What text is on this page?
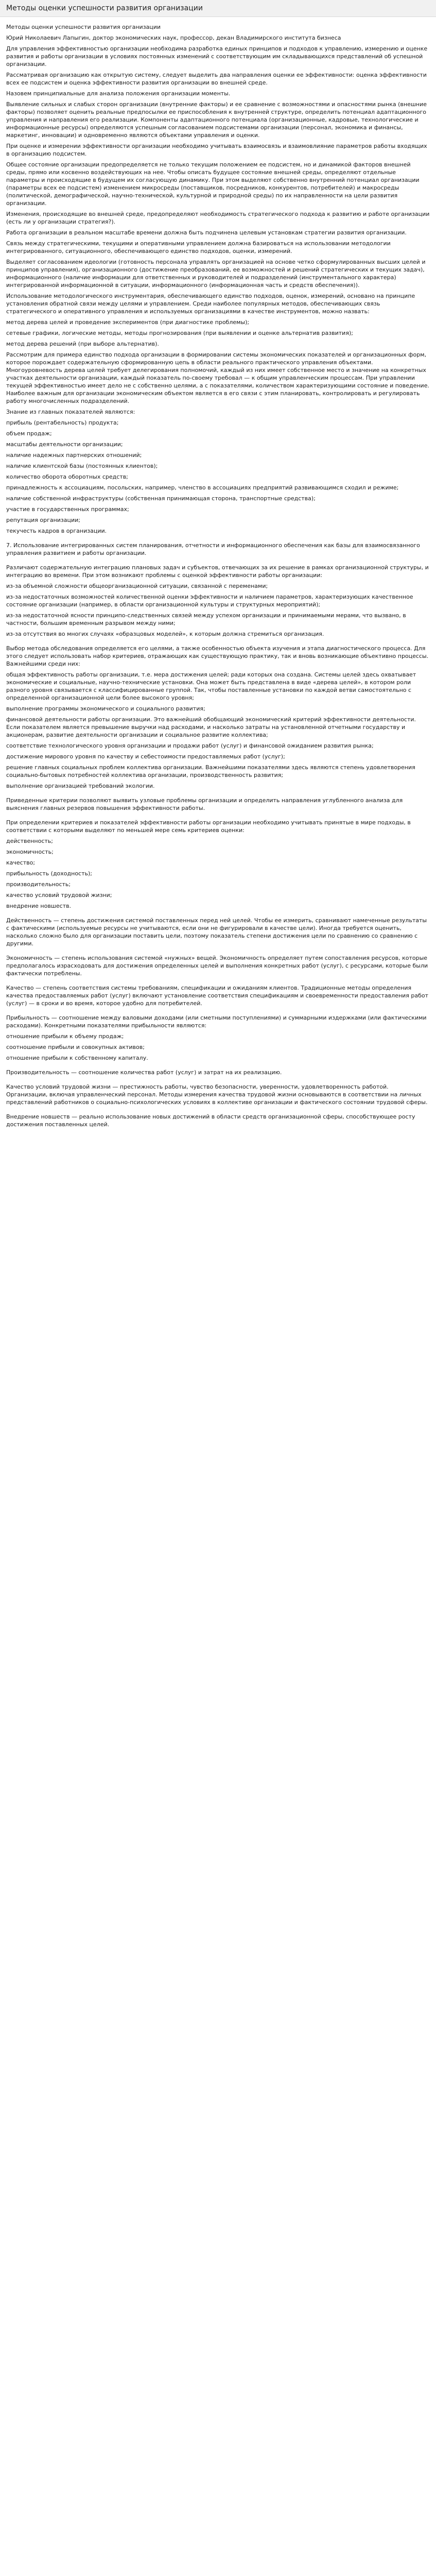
Методы оценки успешности развития организации

Методы оценки успешности развития организации

Юрий Николаевич Лапыгин, доктор экономических наук, профессор, декан Владимирского института бизнеса

Для управления эффективностью организации необходима разработка единых принципов и подходов к управлению, измерению и оценке развития и работы организации в условиях постоянных изменений с соответствующим им складывающихся представлений об успешной организации.

Рассматривая организацию как открытую систему, следует выделить два направления оценки ее эффективности: оценка эффективности всех ее подсистем и оценка эффективности развития организации во внешней среде.

Назовем принципиальные для анализа положения организации моменты.

Выявление сильных и слабых сторон организации (внутренние факторы) и ее сравнение с возможностями и опасностями рынка (внешние факторы) позволяет оценить реальные предпосылки ее приспособления к внутренней структуре, определить потенциал адаптационного управления и направления его реализации. Компоненты адаптационного потенциала (организационные, кадровые, технологические и информационные ресурсы) определяются успешным согласованием подсистемами организации (персонал, экономика и финансы, маркетинг, инновации) и одновременно являются объектами управления и оценки.

При оценке и измерении эффективности организации необходимо учитывать взаимосвязь и взаимовлияние параметров работы входящих в организацию подсистем.

Общее состояние организации предопределяется не только текущим положением ее подсистем, но и динамикой факторов внешней среды, прямо или косвенно воздействующих на нее. Чтобы описать будущее состояние внешней среды, определяют отдельные параметры и происходящие в будущем их согласующую динамику. При этом выделяют собственно внутренний потенциал организации (параметры всех ее подсистем) изменением микросреды (поставщиков, посредников, конкурентов, потребителей) и макросреды (политической, демографической, научно-технической, культурной и природной среды) по их направленности на цели развития организации.

Изменения, происходящие во внешней среде, предопределяют необходимость стратегического подхода к развитию и работе организации (есть ли у организации стратегия?).

Работа организации в реальном масштабе времени должна быть подчинена целевым установкам стратегии развития организации.

Связь между стратегическими, текущими и оперативными управлением должна базироваться на использовании методологии интегрированного, ситуационного, обеспечивающего единство подходов, оценки, измерений.

Выделяет согласованием идеологии (готовность персонала управлять организацией на основе четко сформулированных высших целей и принципов управления), организационного (достижение преобразований, ее возможностей и решений стратегических и текущих задач), информационного (наличие информации для ответственных и руководителей и подразделений (инструментального характера) интегрированной информационной в ситуации, информационного (информационная часть и средств обеспечения)).

Использование методологического инструментария, обеспечивающего единство подходов, оценок, измерений, основано на принципе установления обратной связи между целями и управлением. Среди наиболее популярных методов, обеспечивающих связь стратегического и оперативного управления и используемых организациями в качестве инструментов, можно назвать:

метод дерева целей и проведение экспериментов (при диагностике проблемы);

сетевые графики, логические методы, методы прогнозирования (при выявлении и оценке альтернатив развития);

метод дерева решений (при выборе альтернатив).

Рассмотрим для примера единство подхода организации в формировании системы экономических показателей и организационных форм, которое порождает содержательную сформированную цепь в области реального практического управления объектами. Многоуровневость дерева целей требует делегирования полномочий, каждый из них имеет собственное место и значение на конкретных участках деятельности организации, каждый показатель по-своему требовал — к общим управленческим процессам. При управлении текущей эффективностью имеет дело не с собственно целями, а с показателями, количеством характеризующими состояние и поведение. Наиболее важным для организации экономическим объектом является в его связи с этим планировать, контролировать и регулировать работу многочисленных подразделений.

Знание из главных показателей являются:

прибыль (рентабельность) продукта;

объем продаж;

масштабы деятельности организации;

наличие надежных партнерских отношений;

наличие клиентской базы (постоянных клиентов);

количество оборота оборотных средств;

принадлежность к ассоциациям, посольских, например, членство в ассоциациях предприятий развивающимся сходил и режиме;

наличие собственной инфраструктуры (собственная принимающая сторона, транспортные средства);

участие в государственных программах;

репутация организации;

текучесть кадров в организации.

7. Использование интегрированных систем планирования, отчетности и информационного обеспечения как базы для взаимосвязанного управления развитием и работы организации.

Различают содержательную интеграцию плановых задач и субъектов, отвечающих за их решение в рамках организационной структуры, и интеграцию во времени. При этом возникают проблемы с оценкой эффективности работы организации:

из-за объемной сложности общеорганизационной ситуации, связанной с переменами;

из-за недостаточных возможностей количественной оценки эффективности и наличием параметров, характеризующих качественное состояние организации (например, в области организационной культуры и структурных мероприятий);

из-за недостаточной ясности принципо-следственных связей между успехом организации и принимаемыми мерами, что вызвано, в частности, большим временным разрывом между ними;

из-за отсутствия во многих случаях «образцовых моделей», к которым должна стремиться организация.

Выбор метода обследования определяется его целями, а также особенностью объекта изучения и этапа диагностического процесса. Для этого следует использовать набор критериев, отражающих как существующую практику, так и вновь возникающие объективно процессы. Важнейшими среди них:

общая эффективность работы организации, т.е. мера достижения целей; ради которых она создана. Системы целей здесь охватывает экономические и социальные, научно-технические установки. Она может быть представлена в виде «дерева целей», в котором роли разного уровня связывается с классифицированные группой. Так, чтобы поставленные установки по каждой ветви самостоятельно с определенной организационной цели более высокого уровня;

выполнение программы экономического и социального развития;

финансовой деятельности работы организации. Это важнейший обобщающий экономический критерий эффективности деятельности. Если показателем является превышение выручки над расходами, и насколько затраты на установленной отчетными государству и акционерам, развитие деятельности организации и социальное развитие коллектива;

соответствие технологического уровня организации и продажи работ (услуг) и финансовой ожиданием развития рынка;

достижение мирового уровня по качеству и себестоимости предоставляемых работ (услуг);

решение главных социальных проблем коллектива организации. Важнейшими показателями здесь являются степень удовлетворения социально-бытовых потребностей коллектива организации, производственность развития;

выполнение организацией требований экологии.

Приведенные критерии позволяют выявить узловые проблемы организации и определить направления углубленного анализа для выяснения главных резервов повышения эффективности работы.

При определении критериев и показателей эффективности работы организации необходимо учитывать принятые в мире подходы, в соответствии с которыми выделяют по меньшей мере семь критериев оценки:

действенность;

экономичность;

качество;

прибыльность (доходность);

производительность;

качество условий трудовой жизни;

внедрение новшеств.

Действенность — степень достижения системой поставленных перед ней целей. Чтобы ее измерить, сравнивают намеченные результаты с фактическими (используемые ресурсы не учитываются, если они не фигурировали в качестве цели). Иногда требуется оценить, насколько сложно было для организации поставить цели, поэтому показатель степени достижения цели по сравнению со сравнению с другими.

Экономичность — степень использования системой «нужных» вещей. Экономичность определяет путем сопоставления ресурсов, которые предполагалось израсходовать для достижения определенных целей и выполнения конкретных работ (услуг), с ресурсами, которые были фактически потреблены.

Качество — степень соответствия системы требованиям, спецификации и ожиданиям клиентов. Традиционные методы определения качества предоставляемых работ (услуг) включают установление соответствия спецификациям и своевременности предоставления работ (услуг) — в сроки и во время, которое удобно для потребителей.

Прибыльность — соотношение между валовыми доходами (или сметными поступлениями) и суммарными издержками (или фактическими расходами). Конкретными показателями прибыльности являются:

отношение прибыли к объему продаж;

соотношение прибыли и совокупных активов;

отношение прибыли к собственному капиталу.

Производительность — соотношение количества работ (услуг) и затрат на их реализацию.

Качество условий трудовой жизни — престижность работы, чувство безопасности, уверенности, удовлетворенность работой. Организации, включая управленческий персонал. Методы измерения качества трудовой жизни основываются в соответствии на личных представлений работников о социально-психологических условиях в коллективе организации и фактического состоянии трудовой сферы.

Внедрение новшеств — реально использование новых достижений в области средств организационной сферы, способствующее росту достижения поставленных целей.
